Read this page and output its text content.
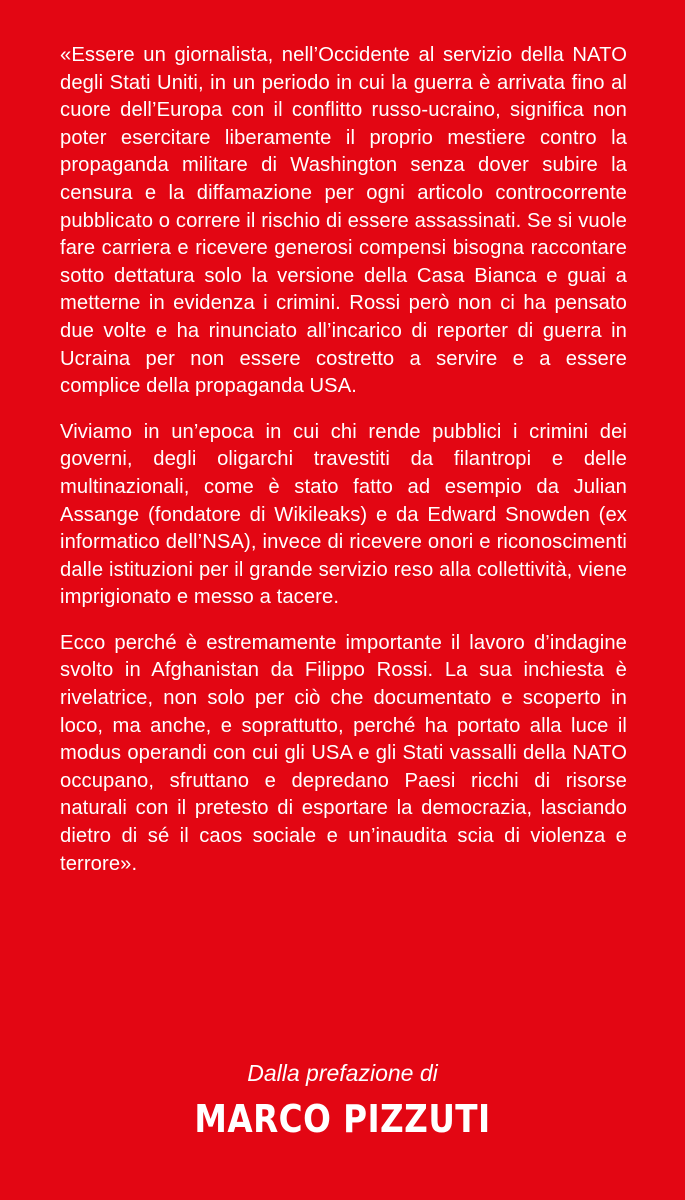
«Essere un giornalista, nell’Occidente al servizio della NATO degli Stati Uniti, in un periodo in cui la guerra è arrivata fino al cuore dell’Europa con il conflitto russo-ucraino, significa non poter esercitare liberamente il proprio mestiere contro la propaganda militare di Washington senza dover subire la censura e la diffamazione per ogni articolo controcorrente pubblicato o correre il rischio di essere assassinati. Se si vuole fare carriera e ricevere generosi compensi bisogna raccontare sotto dettatura solo la versione della Casa Bianca e guai a metterne in evidenza i crimini. Rossi però non ci ha pensato due volte e ha rinunciato all’incarico di reporter di guerra in Ucraina per non essere costretto a servire e a essere complice della propaganda USA.

Viviamo in un’epoca in cui chi rende pubblici i crimini dei governi, degli oligarchi travestiti da filantropi e delle multinazionali, come è stato fatto ad esempio da Julian Assange (fondatore di Wikileaks) e da Edward Snowden (ex informatico dell’NSA), invece di ricevere onori e riconoscimenti dalle istituzioni per il grande servizio reso alla collettività, viene imprigionato e messo a tacere.

Ecco perché è estremamente importante il lavoro d’indagine svolto in Afghanistan da Filippo Rossi. La sua inchiesta è rivelatrice, non solo per ciò che documentato e scoperto in loco, ma anche, e soprattutto, perché ha portato alla luce il modus operandi con cui gli USA e gli Stati vassalli della NATO occupano, sfruttano e depredano Paesi ricchi di risorse naturali con il pretesto di esportare la democrazia, lasciando dietro di sé il caos sociale e un’inaudita scia di violenza e terrore».

Dalla prefazione di
MARCO PIZZUTI
